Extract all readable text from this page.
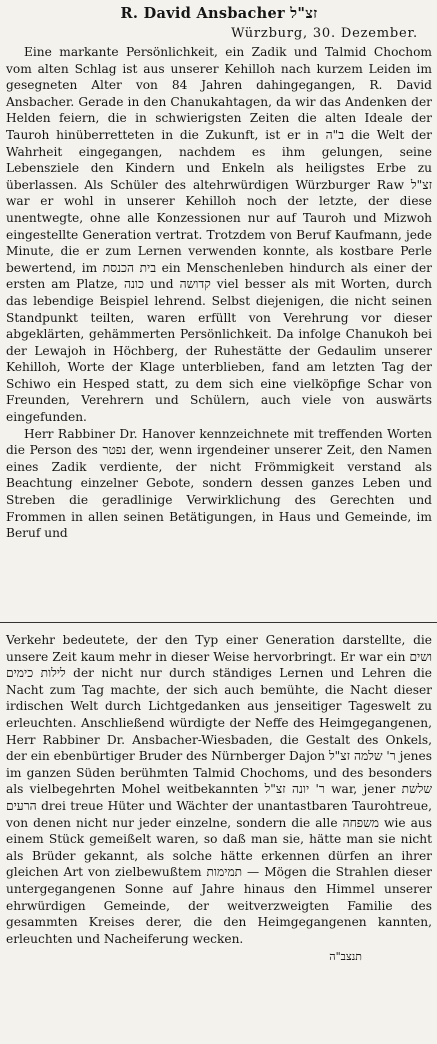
R. David Ansbacher זצ"ל
Würzburg, 30. Dezember.

Eine markante Persönlichkeit, ein Zadik und Talmid Chochom vom alten Schlag ist aus unserer Kehilloh nach kurzem Leiden im gesegneten Alter von 84 Jahren dahingegangen, R. David Ansbacher. Gerade in den Chanukahtagen, da wir das Andenken der Helden feiern, die in schwierigsten Zeiten die alten Ideale der Tauroh hinüberretteten in die Zukunft, ist er in ב"ה die Welt der Wahrheit eingegangen, nachdem es ihm gelungen, seine Lebensziele den Kindern und Enkeln als heiligstes Erbe zu überlassen. Als Schüler des altehrwürdigen Würzburger Raw זצ"ל war er wohl in unserer Kehilloh noch der letzte, der diese unentwegte, ohne alle Konzessionen nur auf Tauroh und Mizwoh eingestellte Generation vertrat. Trotzdem von Beruf Kaufmann, jede Minute, die er zum Lernen verwenden konnte, als kostbare Perle bewertend, im בית הכנסת ein Menschenleben hindurch als einer der ersten am Platze, כונה und קדושה viel besser als mit Worten, durch das lebendige Beispiel lehrend. Selbst diejenigen, die nicht seinen Standpunkt teilten, waren erfüllt von Verehrung vor dieser abgeklärten, gehämmerten Persönlichkeit. Da infolge Chanukoh bei der Lewajoh in Höchberg, der Ruhestätte der Gedaulim unserer Kehilloh, Worte der Klage unterblieben, fand am letzten Tag der Schiwo ein Hesped statt, zu dem sich eine vielköpfige Schar von Freunden, Verehrern und Schülern, auch viele von auswärts eingefunden.

Herr Rabbiner Dr. Hanover kennzeichnete mit treffenden Worten die Person des נפטר der, wenn irgendeiner unserer Zeit, den Namen eines Zadik verdiente, der nicht Frömmigkeit verstand als Beachtung einzelner Gebote, sondern dessen ganzes Leben und Streben die geradlinige Verwirklichung des Gerechten und Frommen in allen seinen Betätigungen, in Haus und Gemeinde, im Beruf und

Verkehr bedeutete, der den Typ einer Generation darstellte, die unsere Zeit kaum mehr in dieser Weise hervorbringt. Er war ein ושים לילות כימים der nicht nur durch ständiges Lernen und Lehren die Nacht zum Tag machte, der sich auch bemühte, die Nacht dieser irdischen Welt durch Lichtgedanken aus jenseitiger Tageswelt zu erleuchten. Anschließend würdigte der Neffe des Heimgegangenen, Herr Rabbiner Dr. Ansbacher-Wiesbaden, die Gestalt des Onkels, der ein ebenbürtiger Bruder des Nürnberger Dajon ר' שלמה זצ"ל jenes im ganzen Süden berühmten Talmid Chochoms, und des besonders als vielbegehrten Mohel weitbekannten ר' יונה זצ"ל war, jener שלשת הרעים drei treue Hüter und Wächter der unantastbaren Taurohtreue, von denen nicht nur jeder einzelne, sondern die alle משפחה wie aus einem Stück gemeißelt waren, so daß man sie, hätte man sie nicht als Brüder gekannt, als solche hätte erkennen dürfen an ihrer gleichen Art von zielbewußtem תמימות — Mögen die Strahlen dieser untergegangenen Sonne auf Jahre hinaus den Himmel unserer ehrwürdigen Gemeinde, der weitverzweigten Familie des gesammten Kreises derer, die den Heimgegangenen kannten, erleuchten und Nacheiferung wecken.

תנצב"ה
